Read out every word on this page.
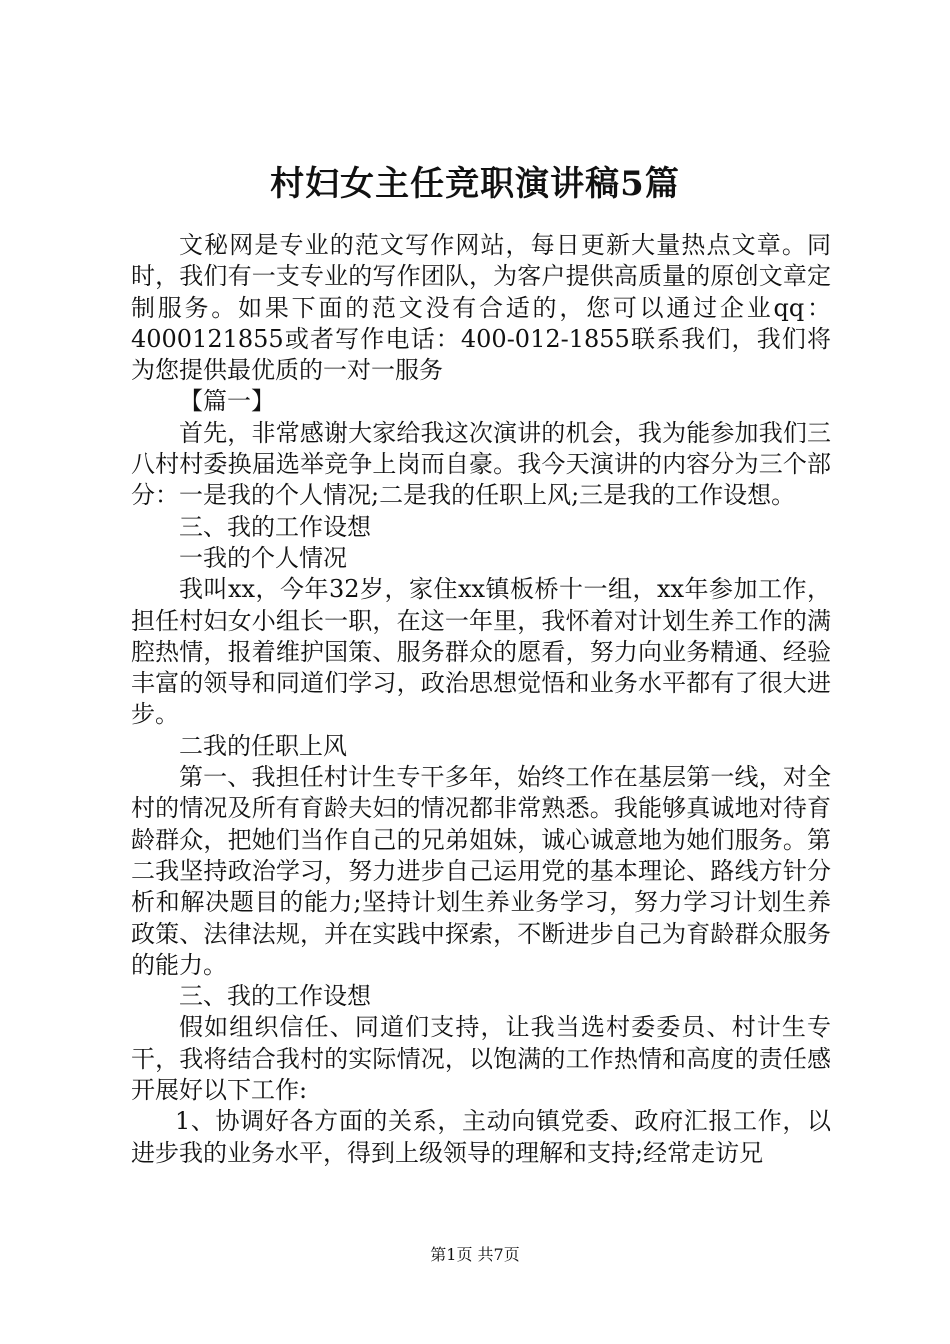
村妇女主任竞职演讲稿5篇

文秘网是专业的范文写作网站，每日更新大量热点文章。同时，我们有一支专业的写作团队，为客户提供高质量的原创文章定制服务。如果下面的范文没有合适的，您可以通过企业qq：4000121855或者写作电话：400-012-1855联系我们，我们将为您提供最优质的一对一服务

【篇一】

首先，非常感谢大家给我这次演讲的机会，我为能参加我们三八村村委换届选举竞争上岗而自豪。我今天演讲的内容分为三个部分：一是我的个人情况;二是我的任职上风;三是我的工作设想。

三、我的工作设想

一我的个人情况

我叫xx，今年32岁，家住xx镇板桥十一组，xx年参加工作，担任村妇女小组长一职，在这一年里，我怀着对计划生养工作的满腔热情，报着维护国策、服务群众的愿看，努力向业务精通、经验丰富的领导和同道们学习，政治思想觉悟和业务水平都有了很大进步。

二我的任职上风

第一、我担任村计生专干多年，始终工作在基层第一线，对全村的情况及所有育龄夫妇的情况都非常熟悉。我能够真诚地对待育龄群众，把她们当作自己的兄弟姐妹，诚心诚意地为她们服务。第二我坚持政治学习，努力进步自己运用党的基本理论、路线方针分析和解决题目的能力;坚持计划生养业务学习，努力学习计划生养政策、法律法规，并在实践中探索，不断进步自己为育龄群众服务的能力。

三、我的工作设想

假如组织信任、同道们支持，让我当选村委委员、村计生专干，我将结合我村的实际情况，以饱满的工作热情和高度的责任感开展好以下工作:

1、协调好各方面的关系，主动向镇党委、政府汇报工作，以进步我的业务水平，得到上级领导的理解和支持;经常走访兄

第1页 共7页
